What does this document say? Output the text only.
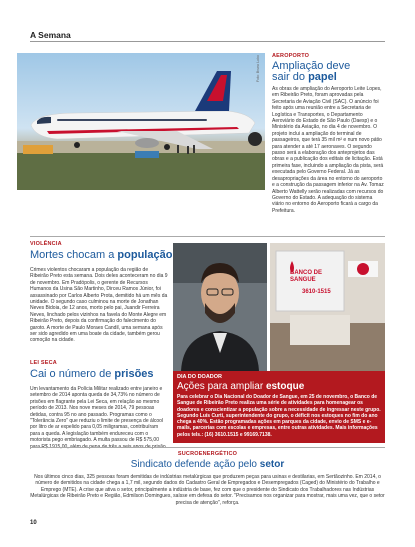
A Semana
Foto: Bruno Lobo AEROPORTO
Ampliação deve
sair do papel
As obras de ampliação do Aeroporto Leite Lopes, em Ribeirão Preto, foram aprovadas pela Secretaria de Aviação Civil (SAC). O anúncio foi feito após uma reunião entre a Secretaria de Logística e Transportes, o Departamento Aeroviário do Estado de São Paulo (Daesp) e o Ministério da Aviação, no dia 4 de novembro. O projeto inclui a ampliação do terminal de passageiros, que terá 35 mil m² e num novo pátio para atender a até 17 aeronaves. O segundo passo será a elaboração dos anteprojetos das obras e a publicação dos editais de licitação. Está primeira fase, incluindo a ampliação da pista, será executada pelo Governo Federal. Já as desapropriações da área no entorno do aeroporto e a construção da passagem inferior na Av. Tomaz Alberto Wattelly serão realizadas com recursos do Governo do Estado. A adequação do sistema viário no entorno do Aeroporto ficará a cargo da Prefeitura.
VIOLÊNCIA
Mortes chocam a população
Crimes violentos chocaram a população da região de Ribeirão Preto esta semana. Dois deles aconteceram no dia 9 de novembro. Em Pradópolis, o gerente de Recursos Humanos da Usina São Martinho, Dirceu Ramos Júnior, foi assassinado por Carlos Alberto Prota, demitido há um mês da unidade. O segundo caso culminou na morte de Jonathan Neves Bidoia, de 12 anos, morto pelo pai, Juandir Ferreira Neves, linchado pelos vizinhos na favela do Monte Alegre em Ribeirão Preto, depois da confirmação do falecimento do garoto. A morte de Paulo Moraes Candil, uma semana após ser sido agredido em uma boate da cidade, também gerou comoção na cidade.
LEI SECA
Cai o número de prisões
Um levantamento da Polícia Militar realizado entre janeiro e setembro de 2014 aponta queda de 34,73% no número de prisões em flagrante pela Lei Seca, em relação ao mesmo período de 2013. Nos nove meses de 2014, 79 pessoas detidas, contra 95 no ano passado. Programas como o "Tolerância Zero" que reduziu o limite de presença de álcool por litro de ar expelido para 0,05 miligramas, contribuíram para a queda. A legislação também endureceu com o motorista pego embriagado. A multa passou de R$ 575,00
BANCO DE
SANGUE
3610-1515
DIA DO DOADOR
Ações para ampliar estoque
Para celebrar o Dia Nacional do Doador de Sangue, em 25 de novembro, o Banco de Sangue de Ribeirão Preto realiza uma série de atividades para homenagear os doadores e conscientizar a população sobre a necessidade de ingressar neste grupo. Segundo Luís Curti, superintendente do grupo, o déficit nos estoques no fim do ano chega a 40%. Estão programadas ações em parques da cidade, envio de SMS e e-mails, parcerias com escolas e empresas, entre outras atividades. Mais informações pelos tels.: (16) 3610.1515 e 99169.7138.
SUCROENERGÉTICO
Sindicato defende ação pelo setor
Nos últimos cinco dias, 325 pessoas foram demitidas de indústrias metalúrgicas que produzem peças para usinas e destilarias, em Sertãozinho. Em 2014, o número de demitidos na cidade chega a 1,7 mil, segundo dados do Cadastro Geral de Empregados e Desempregados (Caged) do Ministério do Trabalho e Emprego (MTE). A crise que ativa o setor, principalmente a indústria de base, fez com que o presidente do Sindicato dos Trabalhadores nas Indústrias Metalúrgicas de Ribeirão Preto e Região, Edmilson Domingues, saísse em defesa do setor. "Precisamos nos organizar para mostrar, mais uma vez, que o setor precisa de atenção", reforça.
10
